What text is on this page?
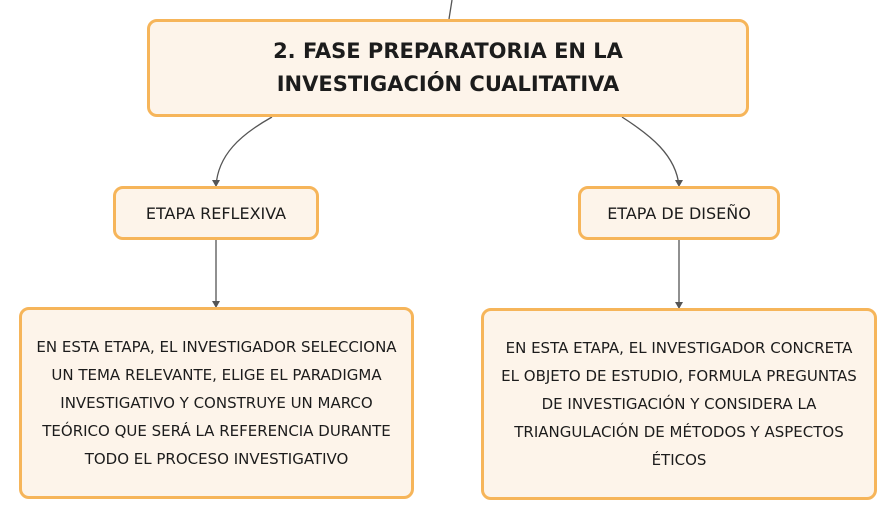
2. FASE PREPARATORIA EN LA INVESTIGACIÓN CUALITATIVA
ETAPA REFLEXIVA	ETAPA DE DISEÑO
EN ESTA ETAPA, EL INVESTIGADOR SELECCIONA UN TEMA RELEVANTE, ELIGE EL PARADIGMA INVESTIGATIVO Y CONSTRUYE UN MARCO TEÓRICO QUE SERÁ LA REFERENCIA DURANTE TODO EL PROCESO INVESTIGATIVO
EN ESTA ETAPA, EL INVESTIGADOR CONCRETA EL OBJETO DE ESTUDIO, FORMULA PREGUNTAS DE INVESTIGACIÓN Y CONSIDERA LA TRIANGULACIÓN DE MÉTODOS Y ASPECTOS ÉTICOS
